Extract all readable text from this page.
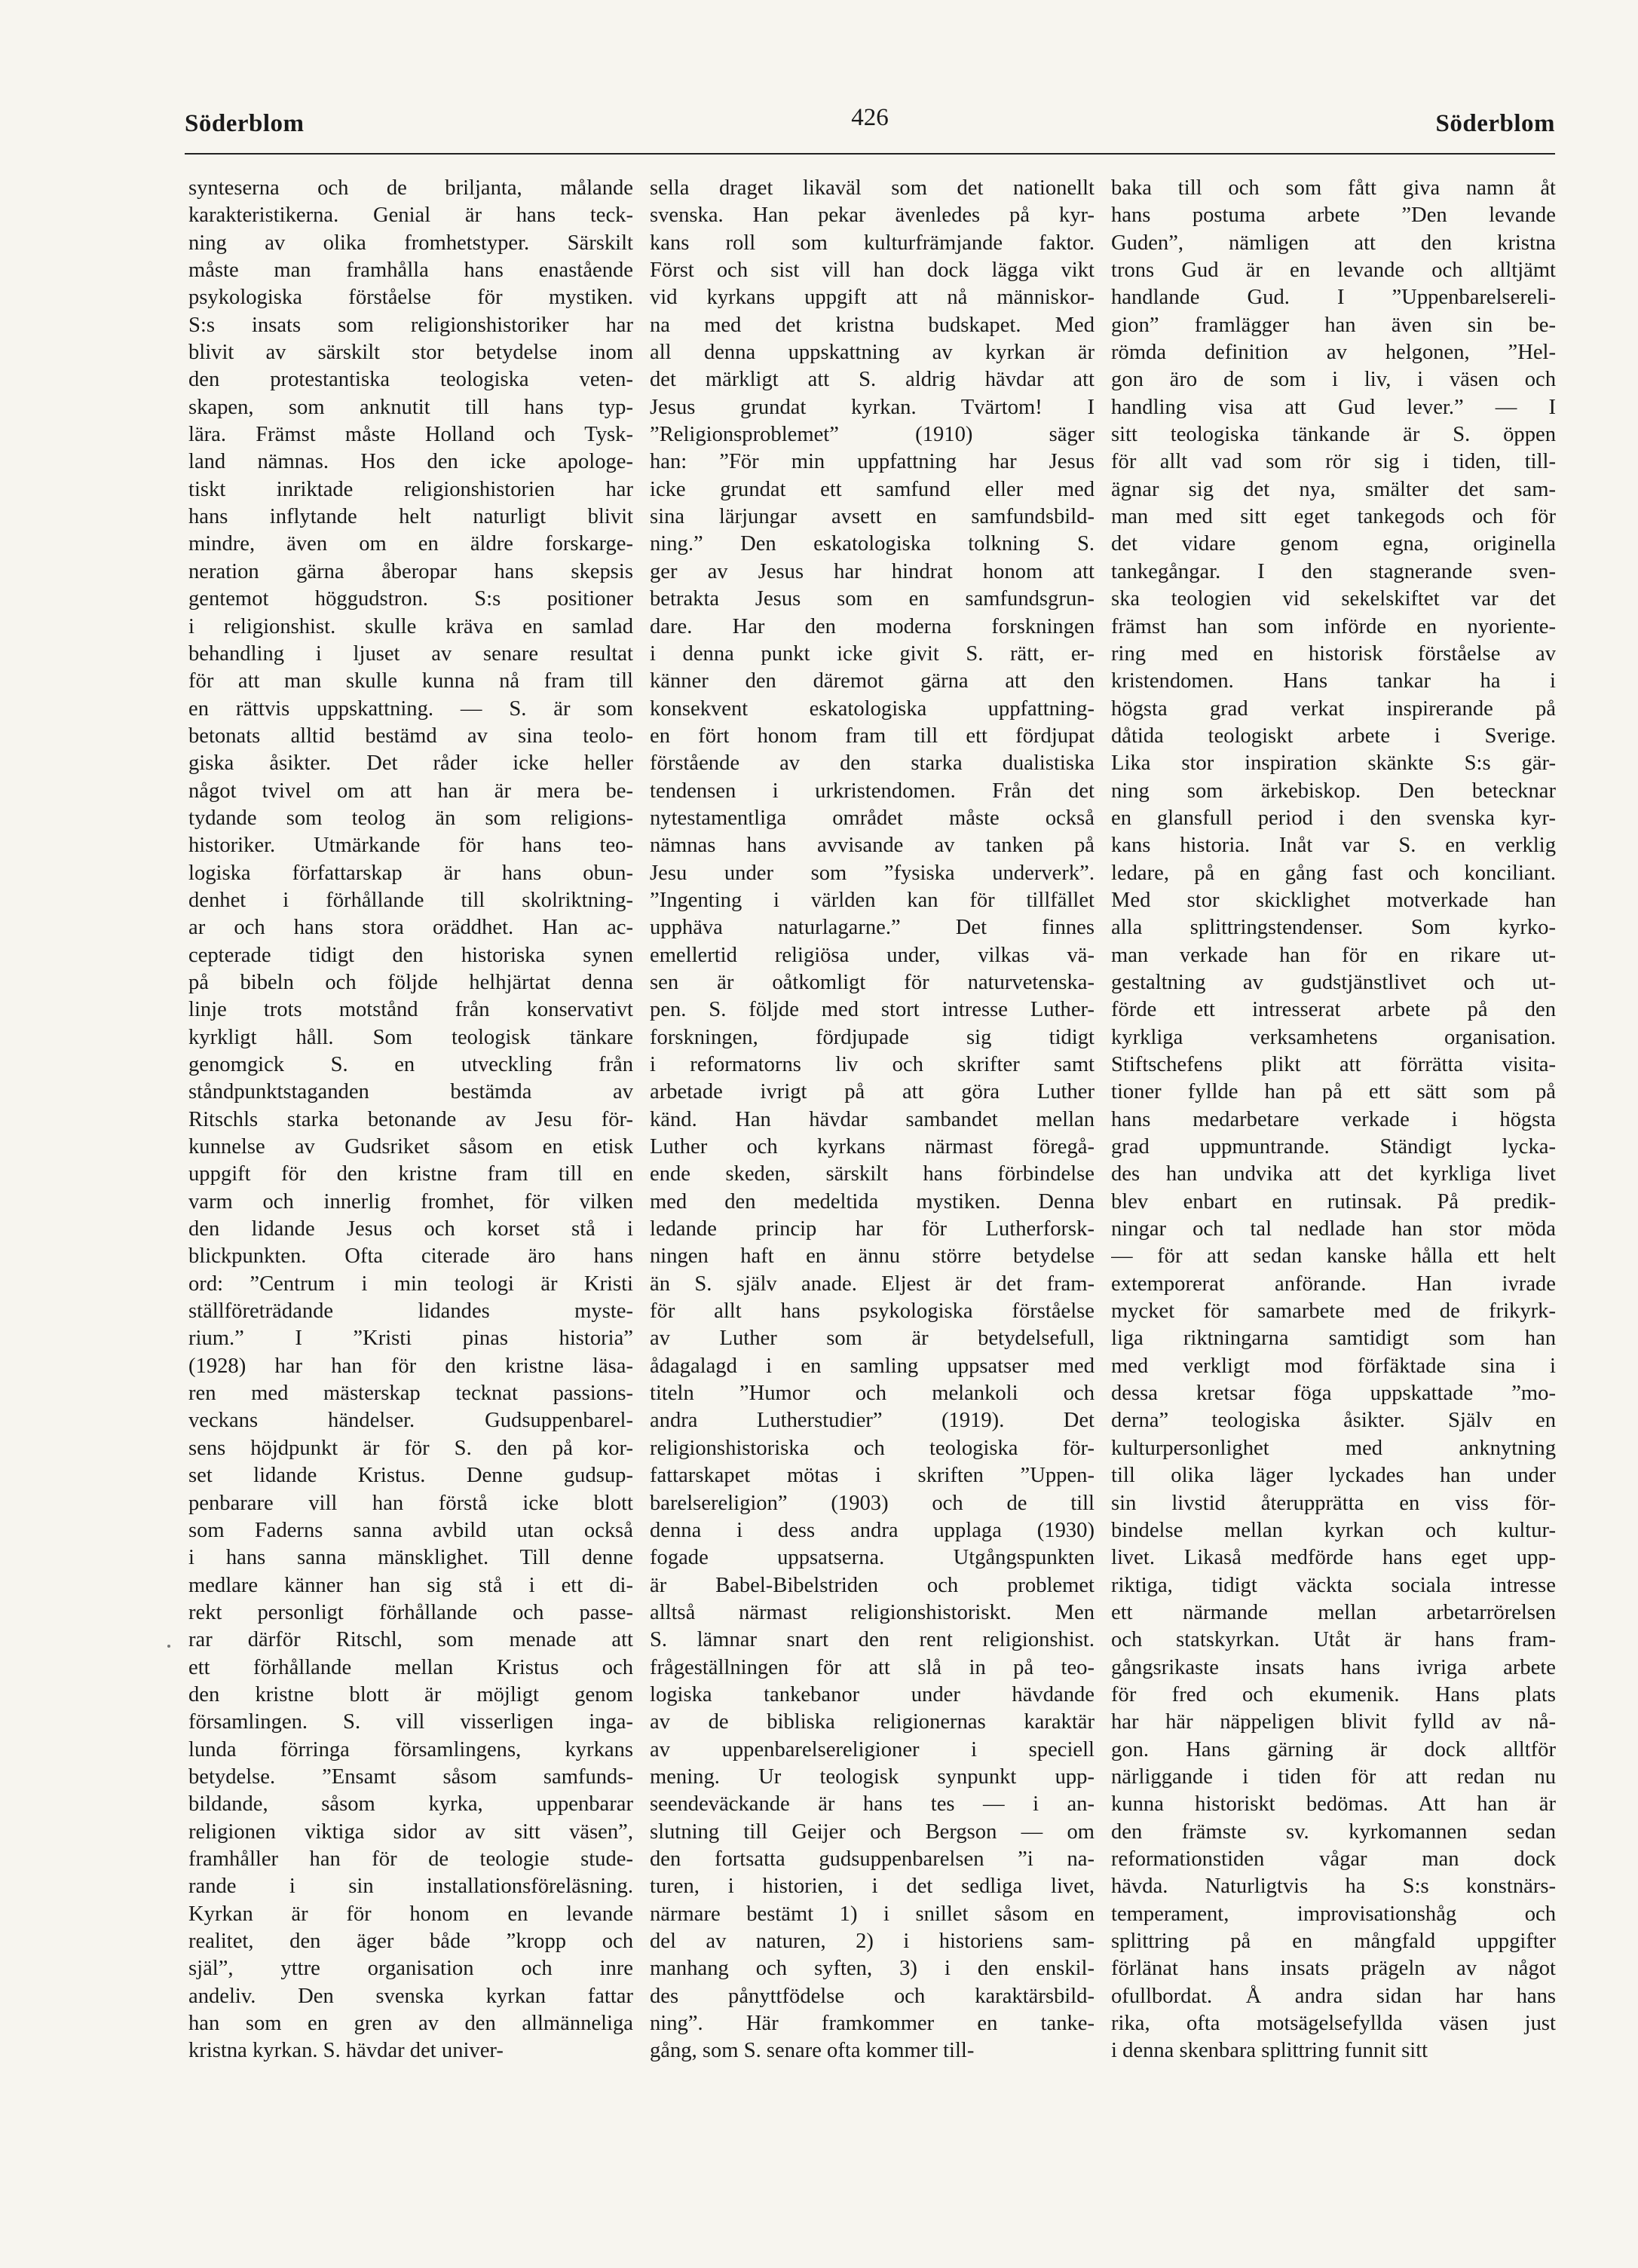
Söderblom	426	Söderblom
synteserna och de briljanta, målande
karakteristikerna. Genial är hans teck-
ning av olika fromhetstyper. Särskilt
måste man framhålla hans enastående
psykologiska förståelse för mystiken.
S:s insats som religionshistoriker har
blivit av särskilt stor betydelse inom
den protestantiska teologiska veten-
skapen, som anknutit till hans typ-
lära. Främst måste Holland och Tysk-
land nämnas. Hos den icke apologe-
tiskt inriktade religionshistorien har
hans inflytande helt naturligt blivit
mindre, även om en äldre forskarge-
neration gärna åberopar hans skepsis
gentemot höggudstron. S:s positioner
i religionshist. skulle kräva en samlad
behandling i ljuset av senare resultat
för att man skulle kunna nå fram till
en rättvis uppskattning. — S. är som
betonats alltid bestämd av sina teolo-
giska åsikter. Det råder icke heller
något tvivel om att han är mera be-
tydande som teolog än som religions-
historiker. Utmärkande för hans teo-
logiska författarskap är hans obun-
denhet i förhållande till skolriktning-
ar och hans stora oräddhet. Han ac-
cepterade tidigt den historiska synen
på bibeln och följde helhjärtat denna
linje trots motstånd från konservativt
kyrkligt håll. Som teologisk tänkare
genomgick S. en utveckling från
ståndpunktstaganden bestämda av
Ritschls starka betonande av Jesu för-
kunnelse av Gudsriket såsom en etisk
uppgift för den kristne fram till en
varm och innerlig fromhet, för vilken
den lidande Jesus och korset stå i
blickpunkten. Ofta citerade äro hans
ord: ”Centrum i min teologi är Kristi
ställföreträdande lidandes myste-
rium.” I ”Kristi pinas historia”
(1928) har han för den kristne läsa-
ren med mästerskap tecknat passions-
veckans händelser. Gudsuppenbarel-
sens höjdpunkt är för S. den på kor-
set lidande Kristus. Denne gudsup-
penbarare vill han förstå icke blott
som Faderns sanna avbild utan också
i hans sanna mänsklighet. Till denne
medlare känner han sig stå i ett di-
rekt personligt förhållande och passe-
rar därför Ritschl, som menade att
ett förhållande mellan Kristus och
den kristne blott är möjligt genom
församlingen. S. vill visserligen inga-
lunda förringa församlingens, kyrkans
betydelse. ”Ensamt såsom samfunds-
bildande, såsom kyrka, uppenbarar
religionen viktiga sidor av sitt väsen”,
framhåller han för de teologie stude-
rande i sin installationsföreläsning.
Kyrkan är för honom en levande
realitet, den äger både ”kropp och
själ”, yttre organisation och inre
andeliv. Den svenska kyrkan fattar
han som en gren av den allmänneliga
kristna kyrkan. S. hävdar det univer-
sella draget likaväl som det nationellt
svenska. Han pekar ävenledes på kyr-
kans roll som kulturfrämjande faktor.
Först och sist vill han dock lägga vikt
vid kyrkans uppgift att nå människor-
na med det kristna budskapet. Med
all denna uppskattning av kyrkan är
det märkligt att S. aldrig hävdar att
Jesus grundat kyrkan. Tvärtom! I
”Religionsproblemet” (1910) säger
han: ”För min uppfattning har Jesus
icke grundat ett samfund eller med
sina lärjungar avsett en samfundsbild-
ning.” Den eskatologiska tolkning S.
ger av Jesus har hindrat honom att
betrakta Jesus som en samfundsgrun-
dare. Har den moderna forskningen
i denna punkt icke givit S. rätt, er-
känner den däremot gärna att den
konsekvent eskatologiska uppfattning-
en fört honom fram till ett fördjupat
förstående av den starka dualistiska
tendensen i urkristendomen. Från det
nytestamentliga området måste också
nämnas hans avvisande av tanken på
Jesu under som ”fysiska underverk”.
”Ingenting i världen kan för tillfället
upphäva naturlagarne.” Det finnes
emellertid religiösa under, vilkas vä-
sen är oåtkomligt för naturvetenska-
pen. S. följde med stort intresse Luther-
forskningen, fördjupade sig tidigt
i reformatorns liv och skrifter samt
arbetade ivrigt på att göra Luther
känd. Han hävdar sambandet mellan
Luther och kyrkans närmast föregå-
ende skeden, särskilt hans förbindelse
med den medeltida mystiken. Denna
ledande princip har för Lutherforsk-
ningen haft en ännu större betydelse
än S. själv anade. Eljest är det fram-
för allt hans psykologiska förståelse
av Luther som är betydelsefull,
ådagalagd i en samling uppsatser med
titeln ”Humor och melankoli och
andra Lutherstudier” (1919). Det
religionshistoriska och teologiska för-
fattarskapet mötas i skriften ”Uppen-
barelsereligion” (1903) och de till
denna i dess andra upplaga (1930)
fogade uppsatserna. Utgångspunkten
är Babel-Bibelstriden och problemet
alltså närmast religionshistoriskt. Men
S. lämnar snart den rent religionshist.
frågeställningen för att slå in på teo-
logiska tankebanor under hävdande
av de bibliska religionernas karaktär
av uppenbarelsereligioner i speciell
mening. Ur teologisk synpunkt upp-
seendeväckande är hans tes — i an-
slutning till Geijer och Bergson — om
den fortsatta gudsuppenbarelsen ”i na-
turen, i historien, i det sedliga livet,
närmare bestämt 1) i snillet såsom en
del av naturen, 2) i historiens sam-
manhang och syften, 3) i den enskil-
des pånyttfödelse och karaktärsbild-
ning”. Här framkommer en tanke-
gång, som S. senare ofta kommer till-
baka till och som fått giva namn åt
hans postuma arbete ”Den levande
Guden”, nämligen att den kristna
trons Gud är en levande och alltjämt
handlande Gud. I ”Uppenbarelsereli-
gion” framlägger han även sin be-
römda definition av helgonen, ”Hel-
gon äro de som i liv, i väsen och
handling visa att Gud lever.” — I
sitt teologiska tänkande är S. öppen
för allt vad som rör sig i tiden, till-
ägnar sig det nya, smälter det sam-
man med sitt eget tankegods och för
det vidare genom egna, originella
tankegångar. I den stagnerande sven-
ska teologien vid sekelskiftet var det
främst han som införde en nyoriente-
ring med en historisk förståelse av
kristendomen. Hans tankar ha i
högsta grad verkat inspirerande på
dåtida teologiskt arbete i Sverige.
Lika stor inspiration skänkte S:s gär-
ning som ärkebiskop. Den betecknar
en glansfull period i den svenska kyr-
kans historia. Inåt var S. en verklig
ledare, på en gång fast och konciliant.
Med stor skicklighet motverkade han
alla splittringstendenser. Som kyrko-
man verkade han för en rikare ut-
gestaltning av gudstjänstlivet och ut-
förde ett intresserat arbete på den
kyrkliga verksamhetens organisation.
Stiftschefens plikt att förrätta visita-
tioner fyllde han på ett sätt som på
hans medarbetare verkade i högsta
grad uppmuntrande. Ständigt lycka-
des han undvika att det kyrkliga livet
blev enbart en rutinsak. På predik-
ningar och tal nedlade han stor möda
— för att sedan kanske hålla ett helt
extemporerat anförande. Han ivrade
mycket för samarbete med de frikyrk-
liga riktningarna samtidigt som han
med verkligt mod förfäktade sina i
dessa kretsar föga uppskattade ”mo-
derna” teologiska åsikter. Själv en
kulturpersonlighet med anknytning
till olika läger lyckades han under
sin livstid återupprätta en viss för-
bindelse mellan kyrkan och kultur-
livet. Likaså medförde hans eget upp-
riktiga, tidigt väckta sociala intresse
ett närmande mellan arbetarrörelsen
och statskyrkan. Utåt är hans fram-
gångsrikaste insats hans ivriga arbete
för fred och ekumenik. Hans plats
har här näppeligen blivit fylld av nå-
gon. Hans gärning är dock alltför
närliggande i tiden för att redan nu
kunna historiskt bedömas. Att han är
den främste sv. kyrkomannen sedan
reformationstiden vågar man dock
hävda. Naturligtvis ha S:s konstnärs-
temperament, improvisationshåg och
splittring på en mångfald uppgifter
förlänat hans insats prägeln av något
ofullbordat. Å andra sidan har hans
rika, ofta motsägelsefyllda väsen just
i denna skenbara splittring funnit sitt
